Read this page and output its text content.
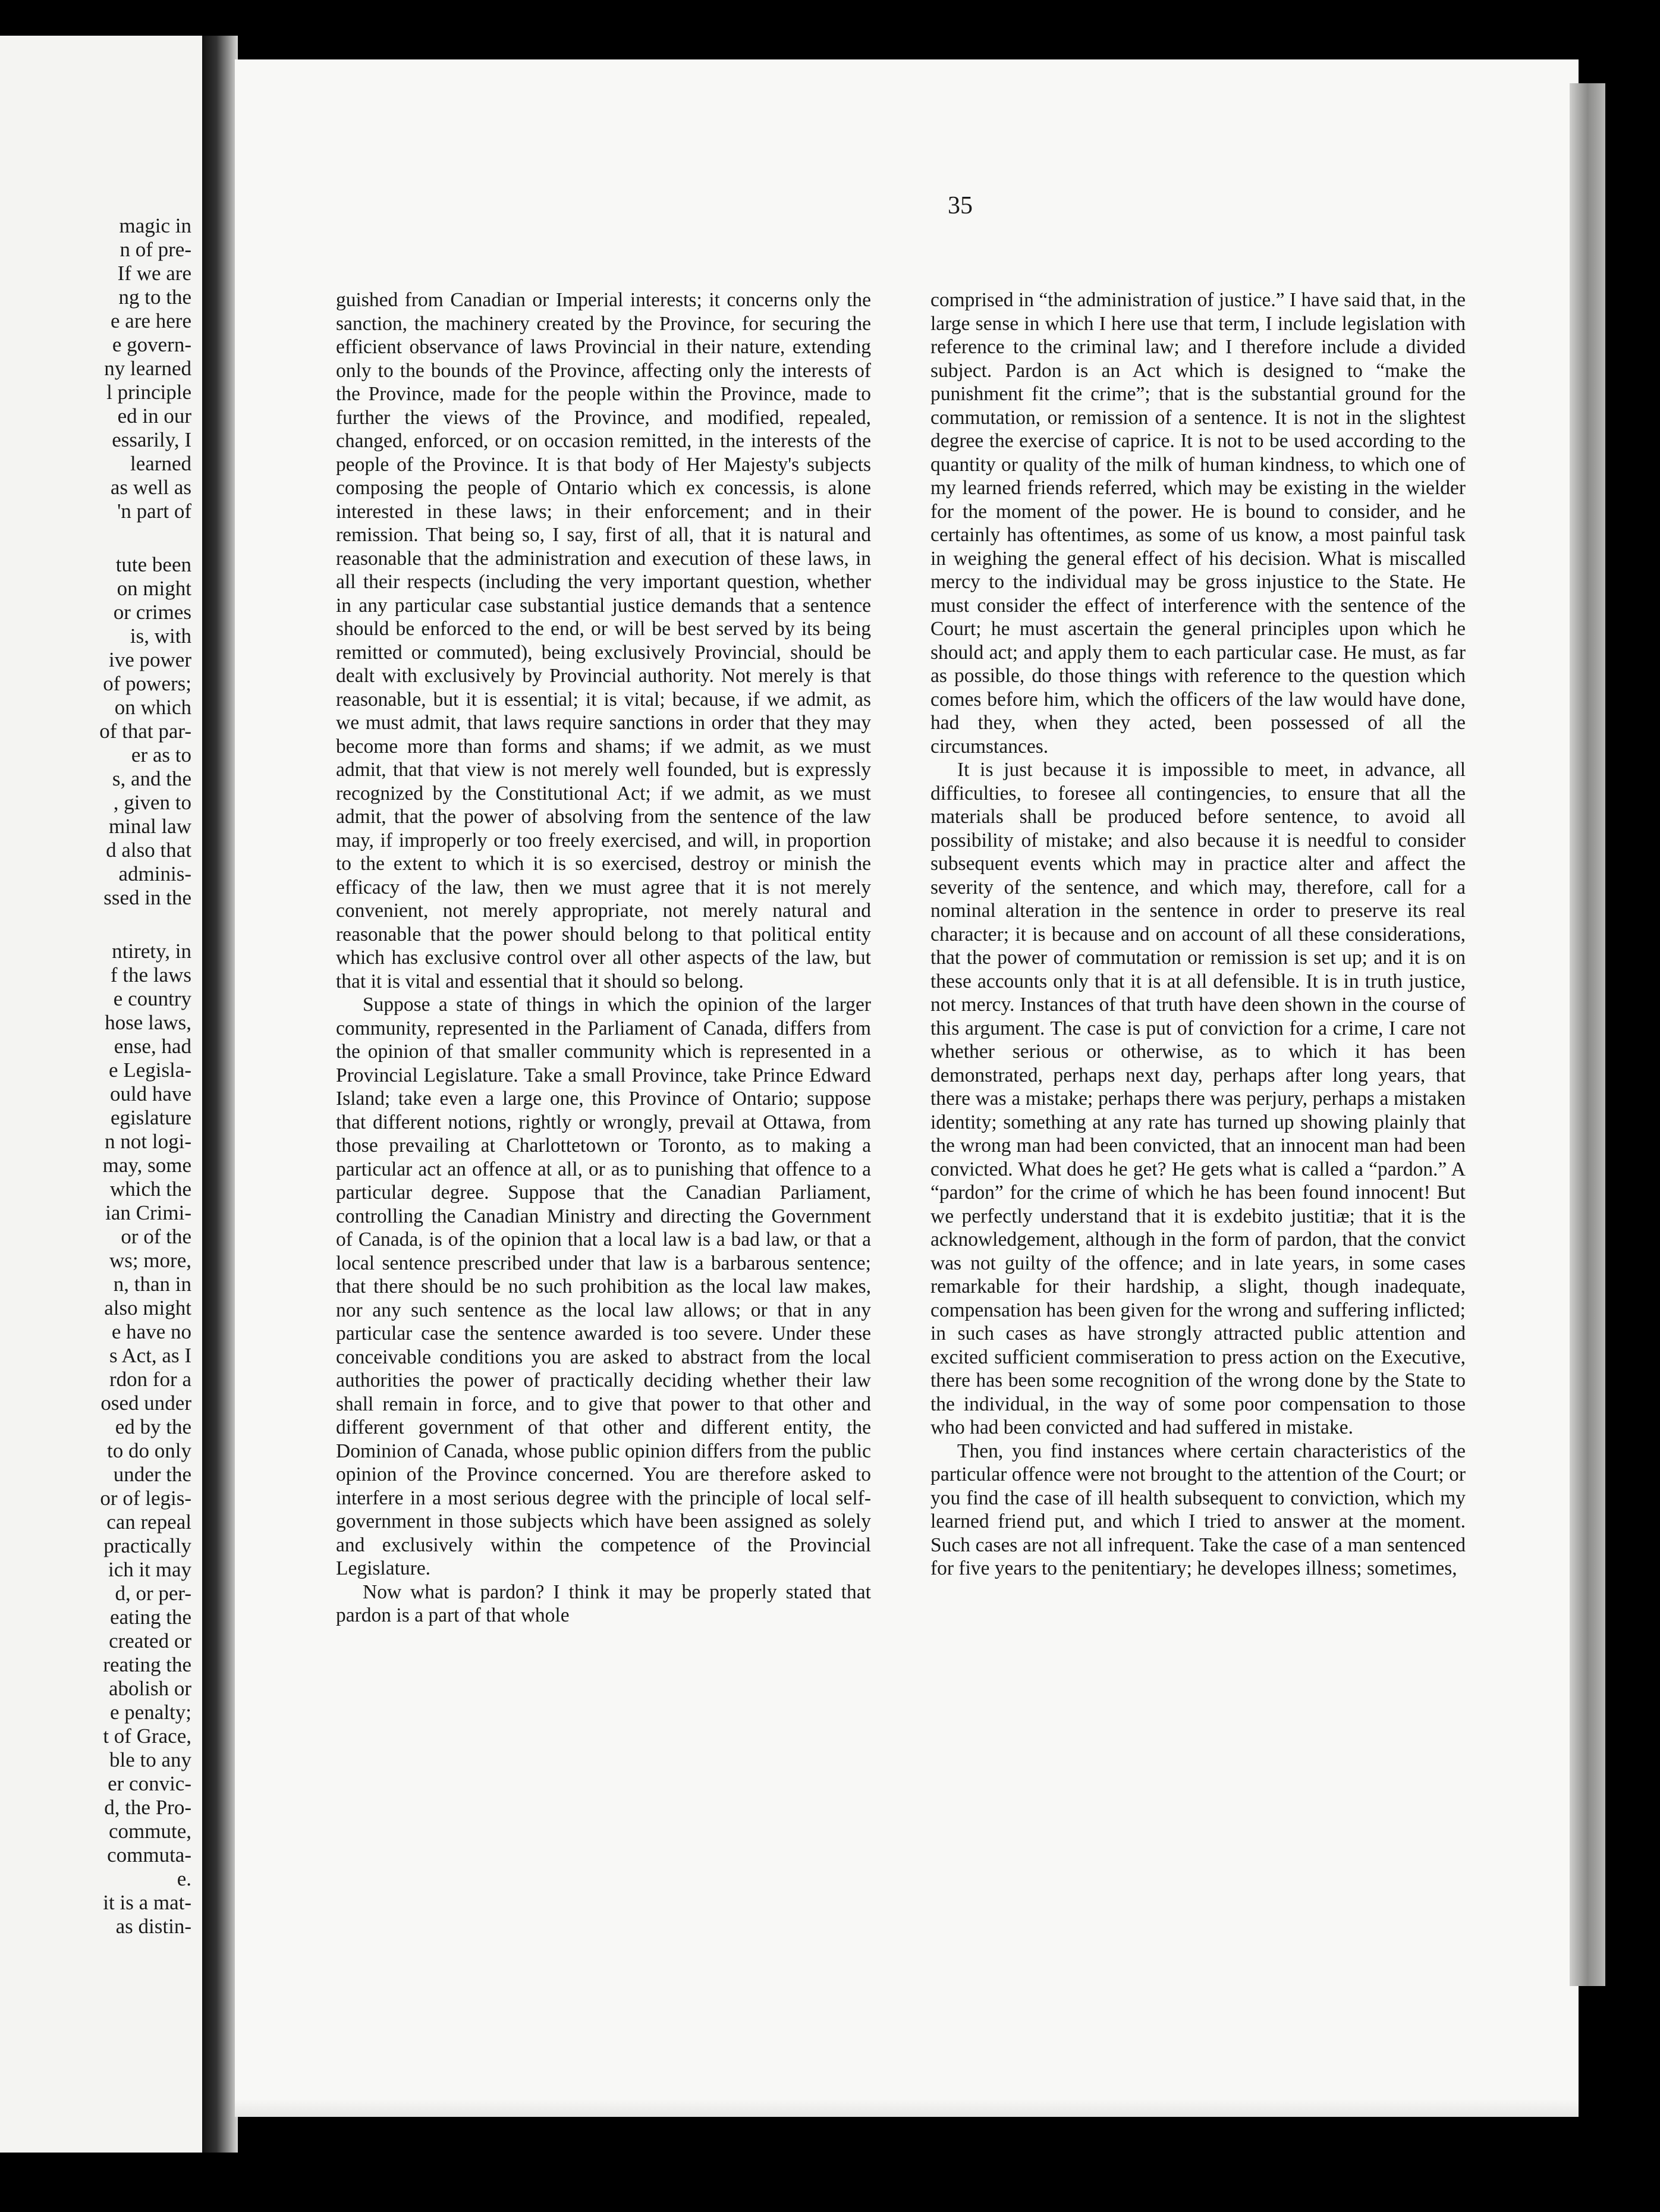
magic in
n of pre-
If we are
ng to the
e are here
e govern-
ny learned
l principle
ed in our
essarily, I
learned
as well as
'n part of

tute been
on might
or crimes
is, with
ive power
of powers;
on which
of that par-
er as to
s, and the
, given to
minal law
d also that
adminis-
ssed in the

ntirety, in
f the laws
e country
hose laws,
ense, had
e Legisla-
ould have
egislature
n not logi-
may, some
which the
ian Crimi-
or of the
ws; more,
n, than in
also might
e have no
s Act, as I
rdon for a
osed under
ed by the
to do only
under the
or of legis-
can repeal
practically
ich it may
d, or per-
eating the
created or
reating the
abolish or
e penalty;
t of Grace,
ble to any
er convic-
d, the Pro-
commute,
commuta-
e.
it is a mat-
as distin-

35

guished from Canadian or Imperial interests; it concerns only the sanction, the machinery created by the Province, for securing the efficient observance of laws Provincial in their nature, extending only to the bounds of the Province, affecting only the interests of the Province, made for the people within the Province, made to further the views of the Province, and modified, repealed, changed, enforced, or on occasion remitted, in the interests of the people of the Province. It is that body of Her Majesty's subjects composing the people of Ontario which ex concessis, is alone interested in these laws; in their enforcement; and in their remission. That being so, I say, first of all, that it is natural and reasonable that the administration and execution of these laws, in all their respects (including the very important question, whether in any particular case substantial justice demands that a sentence should be enforced to the end, or will be best served by its being remitted or commuted), being exclusively Provincial, should be dealt with exclusively by Provincial authority. Not merely is that reasonable, but it is essential; it is vital; because, if we admit, as we must admit, that laws require sanctions in order that they may become more than forms and shams; if we admit, as we must admit, that that view is not merely well founded, but is expressly recognized by the Constitutional Act; if we admit, as we must admit, that the power of absolving from the sentence of the law may, if improperly or too freely exercised, and will, in proportion to the extent to which it is so exercised, destroy or minish the efficacy of the law, then we must agree that it is not merely convenient, not merely appropriate, not merely natural and reasonable that the power should belong to that political entity which has exclusive control over all other aspects of the law, but that it is vital and essential that it should so belong.

Suppose a state of things in which the opinion of the larger community, represented in the Parliament of Canada, differs from the opinion of that smaller community which is represented in a Provincial Legislature. Take a small Province, take Prince Edward Island; take even a large one, this Province of Ontario; suppose that different notions, rightly or wrongly, prevail at Ottawa, from those prevailing at Charlottetown or Toronto, as to making a particular act an offence at all, or as to punishing that offence to a particular degree. Suppose that the Canadian Parliament, controlling the Canadian Ministry and directing the Government of Canada, is of the opinion that a local law is a bad law, or that a local sentence prescribed under that law is a barbarous sentence; that there should be no such prohibition as the local law makes, nor any such sentence as the local law allows; or that in any particular case the sentence awarded is too severe. Under these conceivable conditions you are asked to abstract from the local authorities the power of practically deciding whether their law shall remain in force, and to give that power to that other and different government of that other and different entity, the Dominion of Canada, whose public opinion differs from the public opinion of the Province concerned. You are therefore asked to interfere in a most serious degree with the principle of local self-government in those subjects which have been assigned as solely and exclusively within the competence of the Provincial Legislature.

Now what is pardon? I think it may be properly stated that pardon is a part of that whole

comprised in “the administration of justice.” I have said that, in the large sense in which I here use that term, I include legislation with reference to the criminal law; and I therefore include a divided subject. Pardon is an Act which is designed to “make the punishment fit the crime”; that is the substantial ground for the commutation, or remission of a sentence. It is not in the slightest degree the exercise of caprice. It is not to be used according to the quantity or quality of the milk of human kindness, to which one of my learned friends referred, which may be existing in the wielder for the moment of the power. He is bound to consider, and he certainly has oftentimes, as some of us know, a most painful task in weighing the general effect of his decision. What is miscalled mercy to the individual may be gross injustice to the State. He must consider the effect of interference with the sentence of the Court; he must ascertain the general principles upon which he should act; and apply them to each particular case. He must, as far as possible, do those things with reference to the question which comes before him, which the officers of the law would have done, had they, when they acted, been possessed of all the circumstances.

It is just because it is impossible to meet, in advance, all difficulties, to foresee all contingencies, to ensure that all the materials shall be produced before sentence, to avoid all possibility of mistake; and also because it is needful to consider subsequent events which may in practice alter and affect the severity of the sentence, and which may, therefore, call for a nominal alteration in the sentence in order to preserve its real character; it is because and on account of all these considerations, that the power of commutation or remission is set up; and it is on these accounts only that it is at all defensible. It is in truth justice, not mercy. Instances of that truth have deen shown in the course of this argument. The case is put of conviction for a crime, I care not whether serious or otherwise, as to which it has been demonstrated, perhaps next day, perhaps after long years, that there was a mistake; perhaps there was perjury, perhaps a mistaken identity; something at any rate has turned up showing plainly that the wrong man had been convicted, that an innocent man had been convicted. What does he get? He gets what is called a “pardon.” A “pardon” for the crime of which he has been found innocent! But we perfectly understand that it is exdebito justitiæ; that it is the acknowledgement, although in the form of pardon, that the convict was not guilty of the offence; and in late years, in some cases remarkable for their hardship, a slight, though inadequate, compensation has been given for the wrong and suffering inflicted; in such cases as have strongly attracted public attention and excited sufficient commiseration to press action on the Executive, there has been some recognition of the wrong done by the State to the individual, in the way of some poor compensation to those who had been convicted and had suffered in mistake.

Then, you find instances where certain characteristics of the particular offence were not brought to the attention of the Court; or you find the case of ill health subsequent to conviction, which my learned friend put, and which I tried to answer at the moment. Such cases are not all infrequent. Take the case of a man sentenced for five years to the penitentiary; he developes illness; sometimes,
